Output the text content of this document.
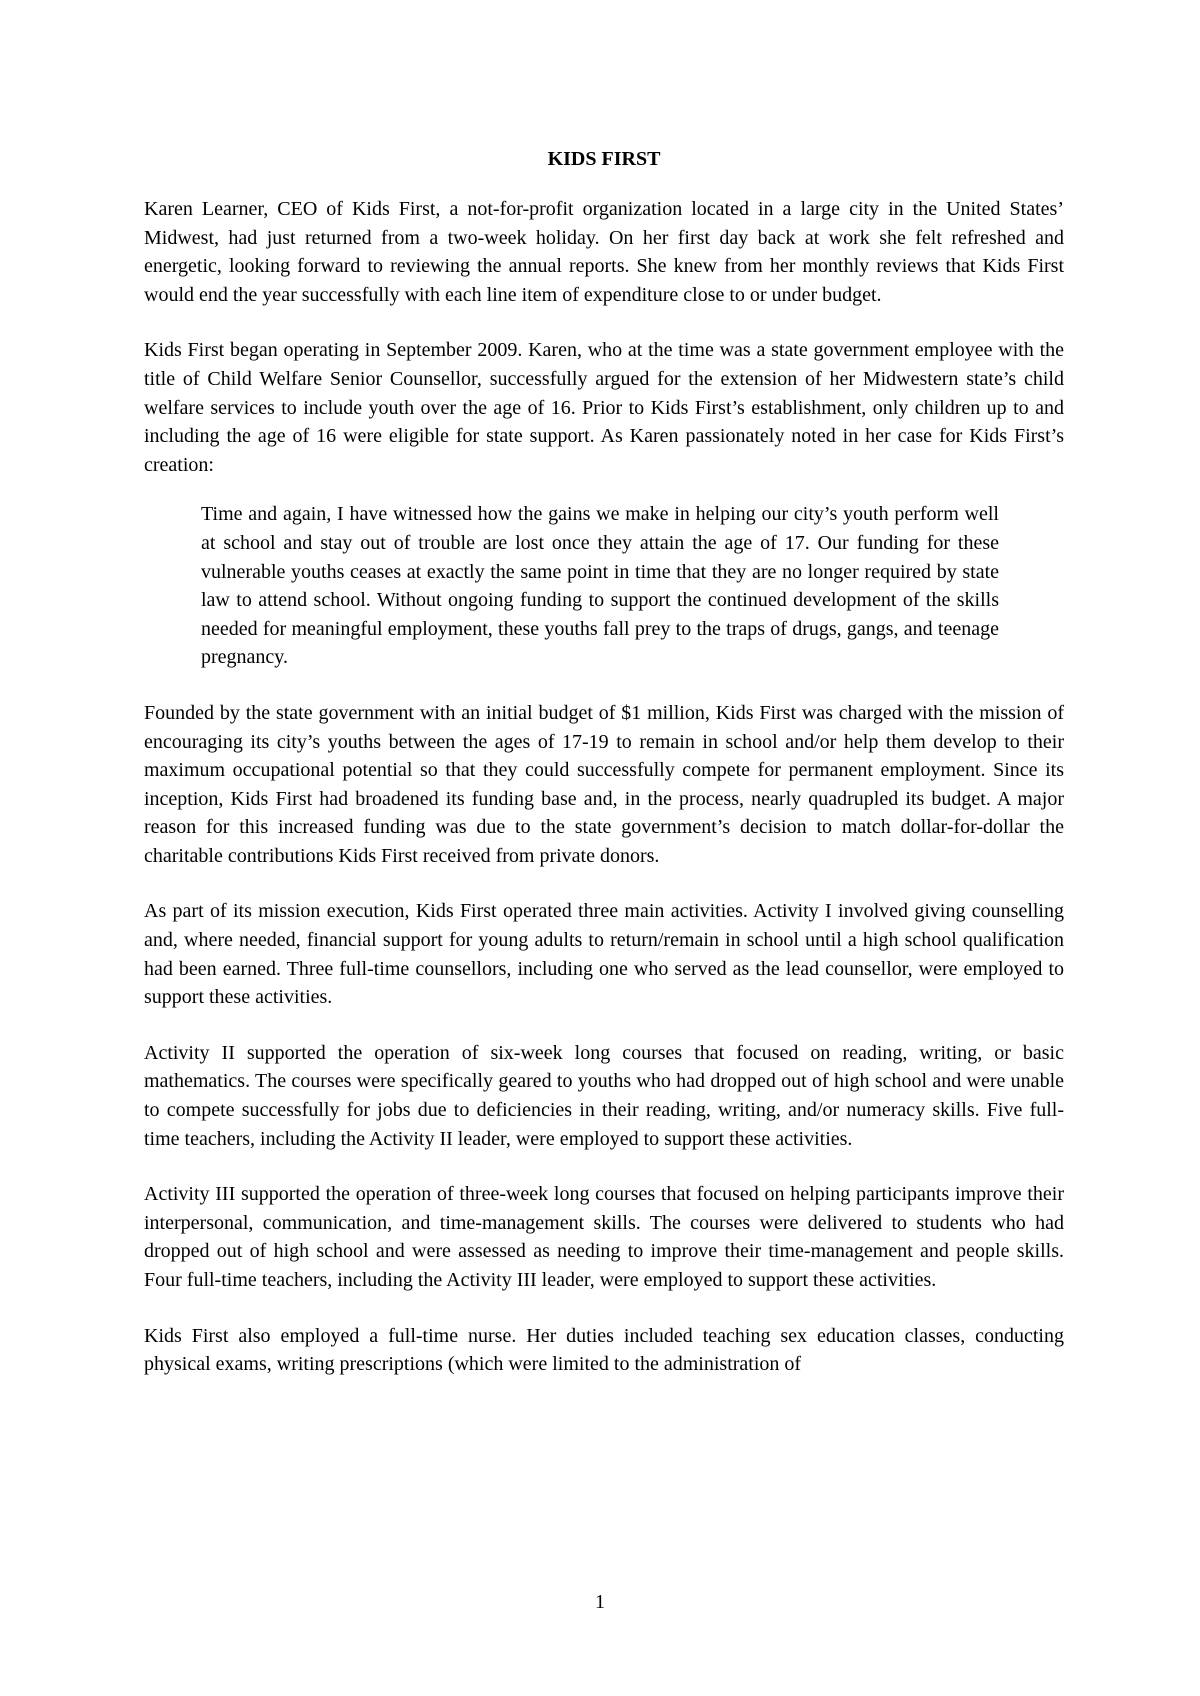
KIDS FIRST

Karen Learner, CEO of Kids First, a not-for-profit organization located in a large city in the United States’ Midwest, had just returned from a two-week holiday. On her first day back at work she felt refreshed and energetic, looking forward to reviewing the annual reports. She knew from her monthly reviews that Kids First would end the year successfully with each line item of expenditure close to or under budget.

Kids First began operating in September 2009. Karen, who at the time was a state government employee with the title of Child Welfare Senior Counsellor, successfully argued for the extension of her Midwestern state’s child welfare services to include youth over the age of 16. Prior to Kids First’s establishment, only children up to and including the age of 16 were eligible for state support. As Karen passionately noted in her case for Kids First’s creation:

Time and again, I have witnessed how the gains we make in helping our city’s youth perform well at school and stay out of trouble are lost once they attain the age of 17. Our funding for these vulnerable youths ceases at exactly the same point in time that they are no longer required by state law to attend school. Without ongoing funding to support the continued development of the skills needed for meaningful employment, these youths fall prey to the traps of drugs, gangs, and teenage pregnancy.

Founded by the state government with an initial budget of $1 million, Kids First was charged with the mission of encouraging its city’s youths between the ages of 17-19 to remain in school and/or help them develop to their maximum occupational potential so that they could successfully compete for permanent employment. Since its inception, Kids First had broadened its funding base and, in the process, nearly quadrupled its budget. A major reason for this increased funding was due to the state government’s decision to match dollar-for-dollar the charitable contributions Kids First received from private donors.

As part of its mission execution, Kids First operated three main activities. Activity I involved giving counselling and, where needed, financial support for young adults to return/remain in school until a high school qualification had been earned. Three full-time counsellors, including one who served as the lead counsellor, were employed to support these activities.

Activity II supported the operation of six-week long courses that focused on reading, writing, or basic mathematics. The courses were specifically geared to youths who had dropped out of high school and were unable to compete successfully for jobs due to deficiencies in their reading, writing, and/or numeracy skills. Five full-time teachers, including the Activity II leader, were employed to support these activities.

Activity III supported the operation of three-week long courses that focused on helping participants improve their interpersonal, communication, and time-management skills. The courses were delivered to students who had dropped out of high school and were assessed as needing to improve their time-management and people skills. Four full-time teachers, including the Activity III leader, were employed to support these activities.

Kids First also employed a full-time nurse. Her duties included teaching sex education classes, conducting physical exams, writing prescriptions (which were limited to the administration of

1
